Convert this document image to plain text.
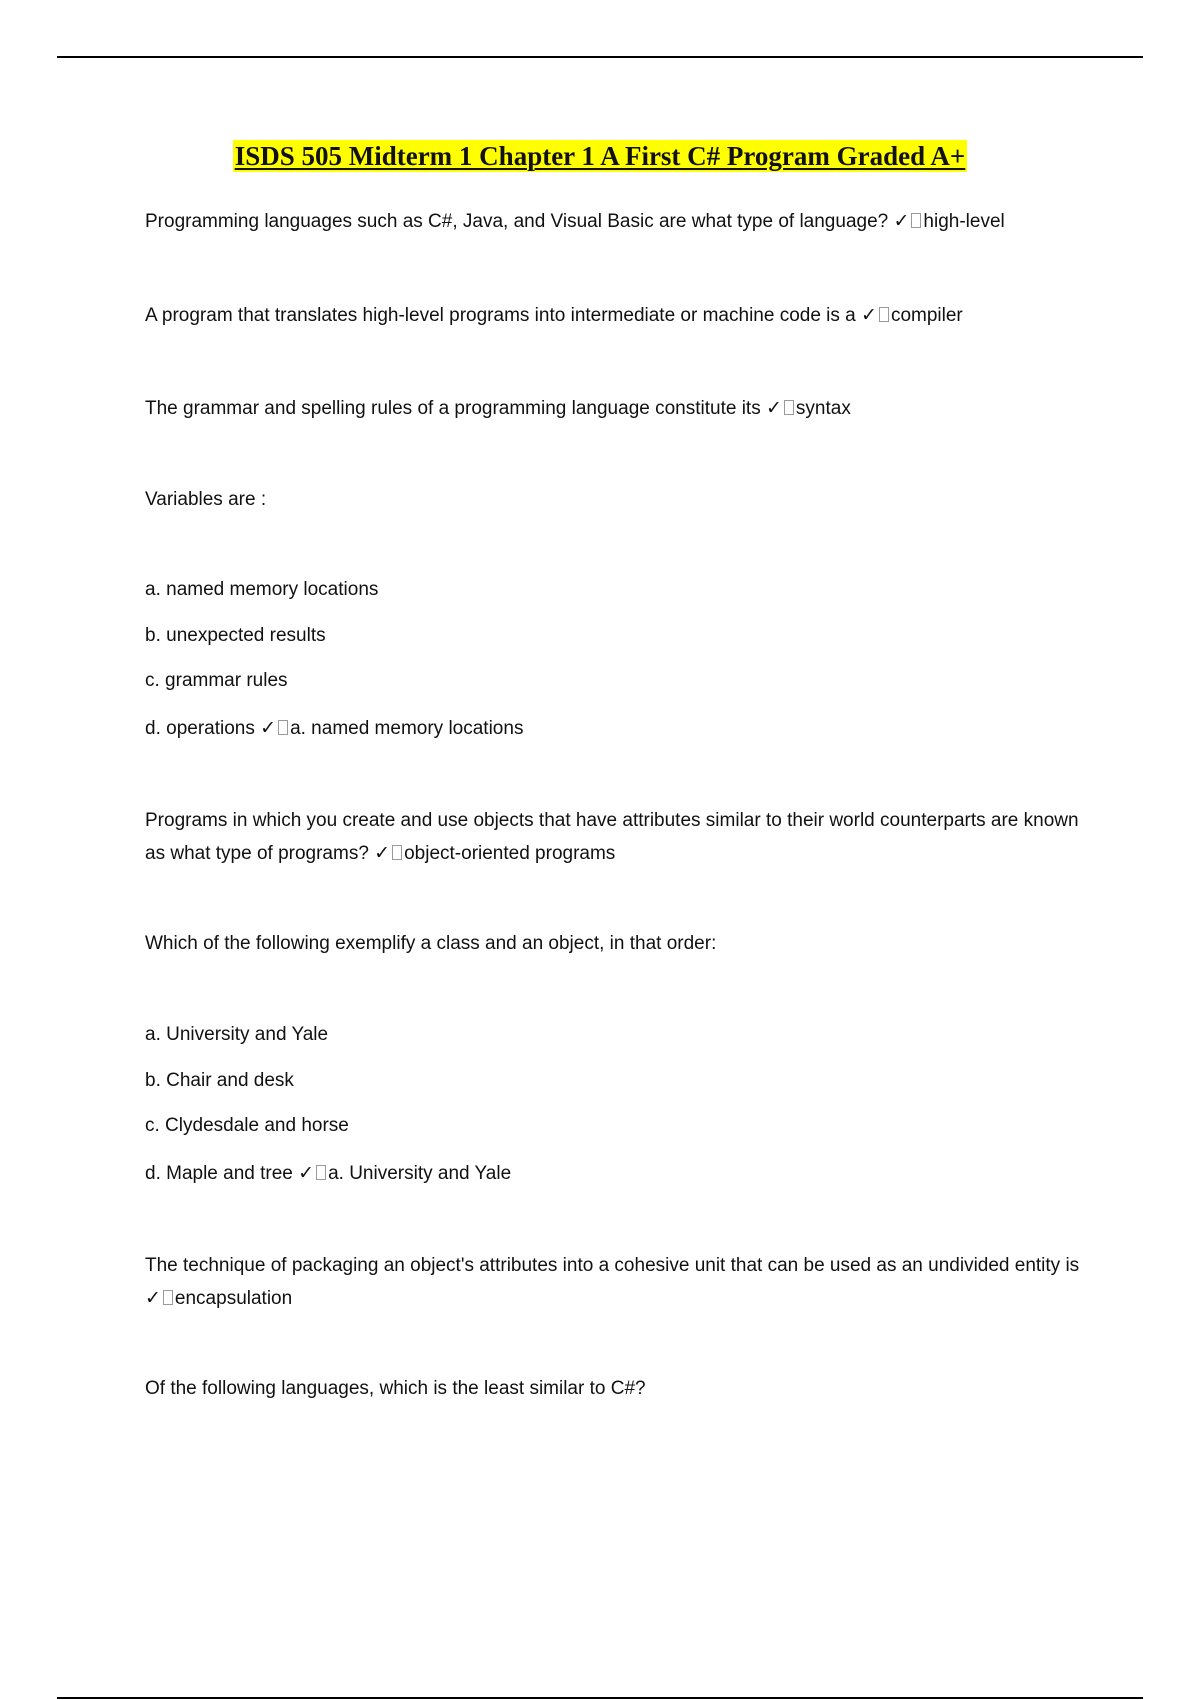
ISDS 505 Midterm 1 Chapter 1 A First C# Program Graded A+
Programming languages such as C#, Java, and Visual Basic are what type of language? ✓ high-level
A program that translates high-level programs into intermediate or machine code is a ✓ compiler
The grammar and spelling rules of a programming language constitute its ✓ syntax
Variables are :
a. named memory locations
b. unexpected results
c. grammar rules
d. operations ✓ a. named memory locations
Programs in which you create and use objects that have attributes similar to their world counterparts are known as what type of programs? ✓ object-oriented programs
Which of the following exemplify a class and an object, in that order:
a. University and Yale
b. Chair and desk
c. Clydesdale and horse
d. Maple and tree ✓ a. University and Yale
The technique of packaging an object's attributes into a cohesive unit that can be used as an undivided entity is ✓ encapsulation
Of the following languages, which is the least similar to C#?
